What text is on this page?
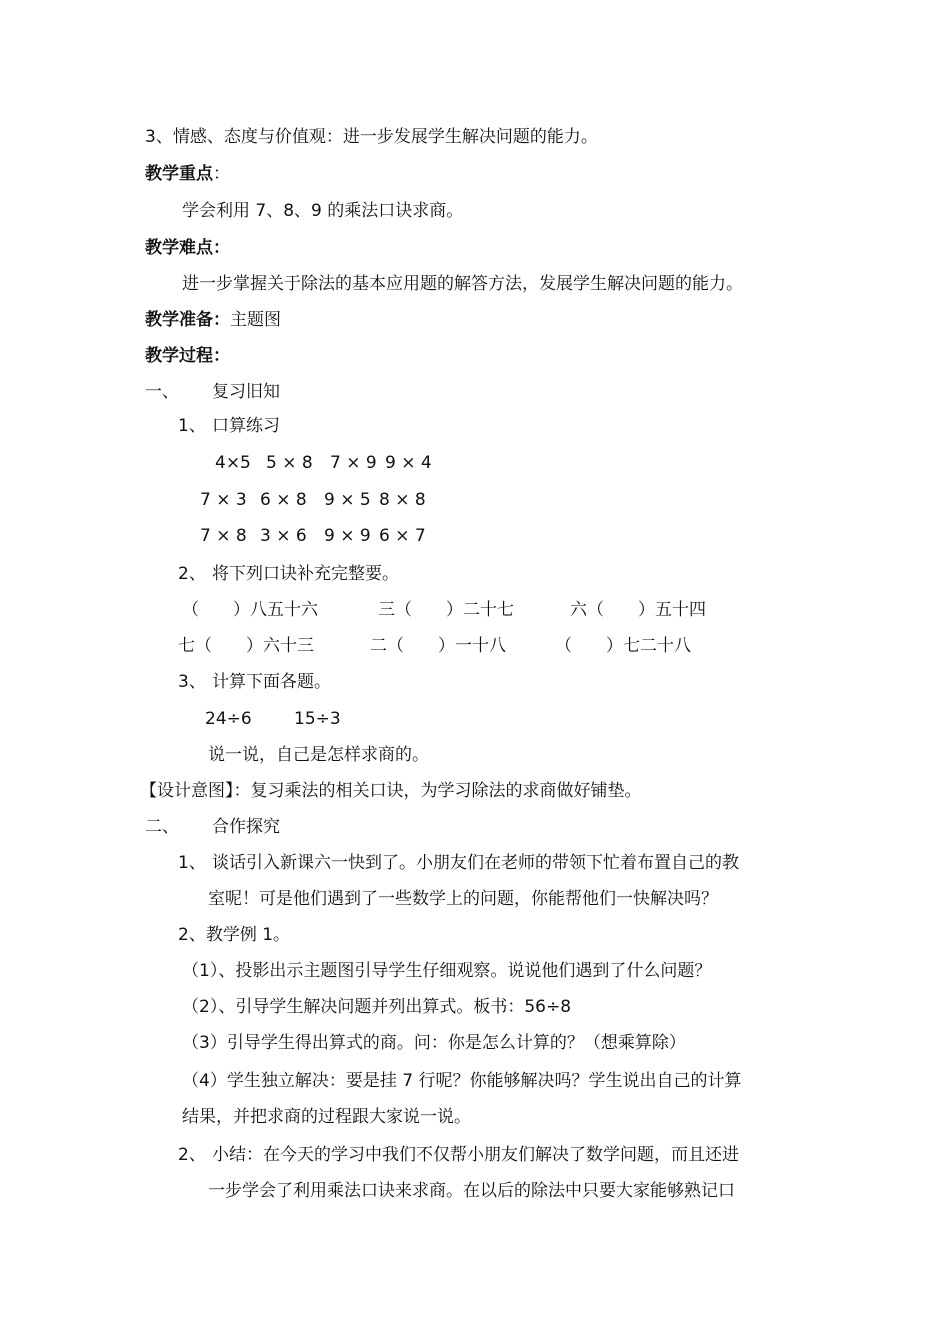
3、情感、态度与价值观：进一步发展学生解决问题的能力。
教学重点：
学会利用 7、8、9 的乘法口诀求商。
教学难点：
进一步掌握关于除法的基本应用题的解答方法，发展学生解决问题的能力。
教学准备：主题图
教学过程：
一、 复习旧知
1、 口算练习
4×5 5 × 8 7 × 9 9 × 4
7 × 3 6 × 8 9 × 5 8 × 8
7 × 8 3 × 6 9 × 9 6 × 7
2、 将下列口诀补充完整要。
（　　）八五十六	三（　　）二十七	六（　　）五十四
七（　　）六十三	二（　　）一十八	（　　）七二十八
3、 计算下面各题。
24÷6 15÷3
说一说，自己是怎样求商的。
【设计意图】：复习乘法的相关口诀，为学习除法的求商做好铺垫。
二、 合作探究
1、 谈话引入新课六一快到了。小朋友们在老师的带领下忙着布置自己的教
室呢！可是他们遇到了一些数学上的问题，你能帮他们一快解决吗？
2、教学例 1。
（1）、投影出示主题图引导学生仔细观察。说说他们遇到了什么问题？
（2）、引导学生解决问题并列出算式。板书：56÷8
（3）引导学生得出算式的商。问：你是怎么计算的？（想乘算除）
（4）学生独立解决：要是挂 7 行呢？你能够解决吗？学生说出自己的计算
结果，并把求商的过程跟大家说一说。
2、 小结：在今天的学习中我们不仅帮小朋友们解决了数学问题，而且还进
一步学会了利用乘法口诀来求商。在以后的除法中只要大家能够熟记口
